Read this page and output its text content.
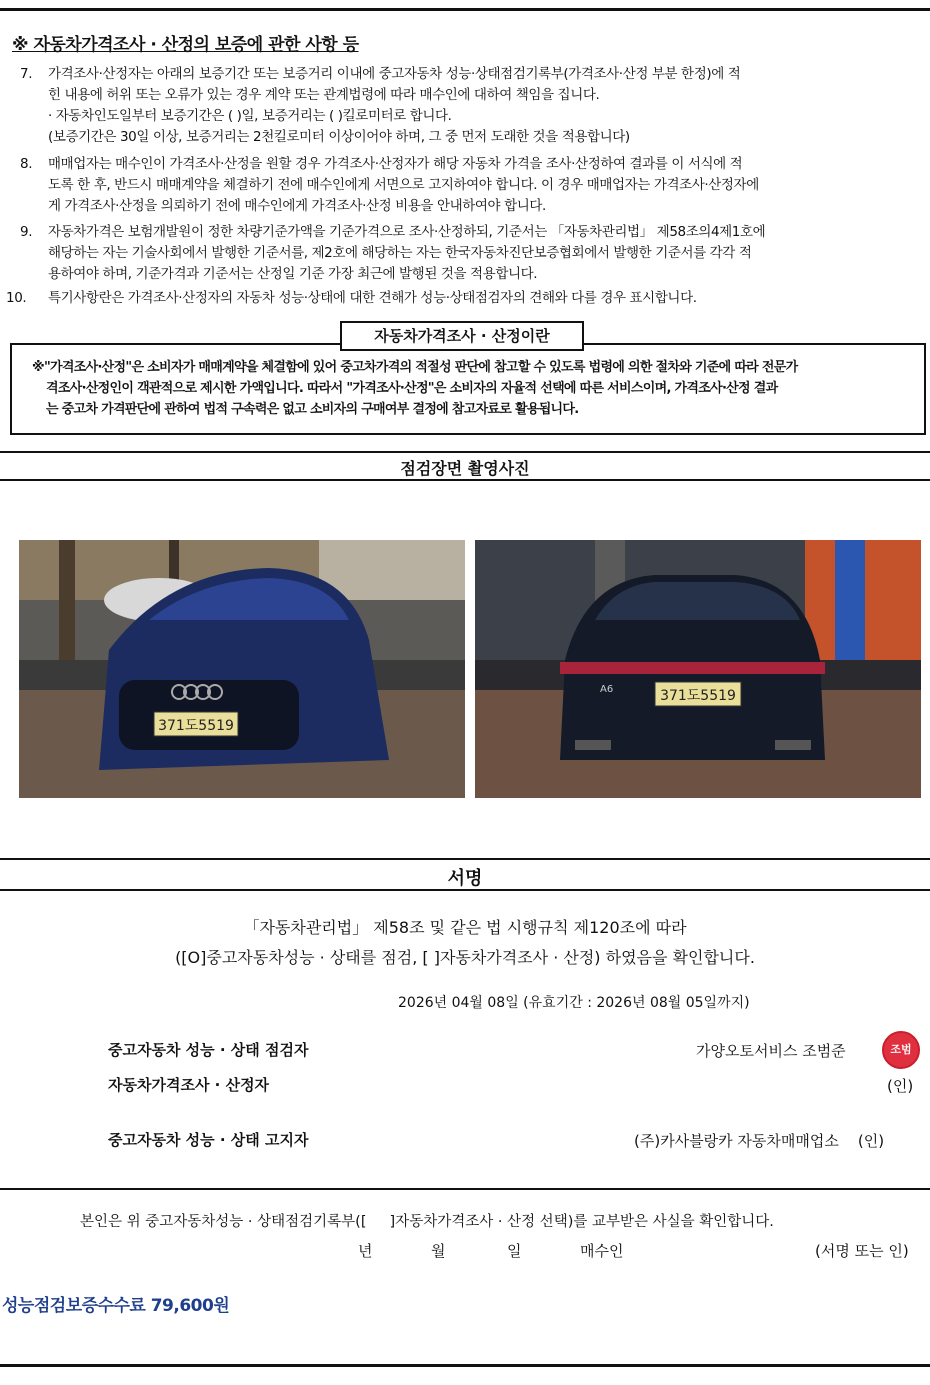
※ 자동차가격조사 · 산정의 보증에 관한 사항 등
7.	가격조사·산정자는 아래의 보증기간 또는 보증거리 이내에 중고자동차 성능·상태점검기록부(가격조사·산정 부분 한정)에 적
힌 내용에 허위 또는 오류가 있는 경우 계약 또는 관계법령에 따라 매수인에 대하여 책임을 집니다.
· 자동차인도일부터 보증기간은 ( )일, 보증거리는 ( )킬로미터로 합니다.
(보증기간은 30일 이상, 보증거리는 2천킬로미터 이상이어야 하며, 그 중 먼저 도래한 것을 적용합니다)
8.	매매업자는 매수인이 가격조사·산정을 원할 경우 가격조사·산정자가 해당 자동차 가격을 조사·산정하여 결과를 이 서식에 적
도록 한 후, 반드시 매매계약을 체결하기 전에 매수인에게 서면으로 고지하여야 합니다. 이 경우 매매업자는 가격조사·산정자에
게 가격조사·산정을 의뢰하기 전에 매수인에게 가격조사·산정 비용을 안내하여야 합니다.
9.	자동차가격은 보험개발원이 정한 차량기준가액을 기준가격으로 조사·산정하되, 기준서는 「자동차관리법」 제58조의4제1호에
해당하는 자는 기술사회에서 발행한 기준서를, 제2호에 해당하는 자는 한국자동차진단보증협회에서 발행한 기준서를 각각 적
용하여야 하며, 기준가격과 기준서는 산정일 기준 가장 최근에 발행된 것을 적용합니다.
10.	특기사항란은 가격조사·산정자의 자동차 성능·상태에 대한 견해가 성능·상태점검자의 견해와 다를 경우 표시합니다.
※"가격조사·산정"은 소비자가 매매계약을 체결함에 있어 중고차가격의 적절성 판단에 참고할 수 있도록 법령에 의한 절차와 기준에 따라 전문가
격조사·산정인이 객관적으로 제시한 가액입니다. 따라서 "가격조사·산정"은 소비자의 자율적 선택에 따른 서비스이며, 가격조사·산정 결과
는 중고차 가격판단에 관하여 법적 구속력은 없고 소비자의 구매여부 결정에 참고자료로 활용됩니다.
자동차가격조사 · 산정이란
점검장면 촬영사진
371도5519
371도5519
A6
서명
「자동차관리법」 제58조 및 같은 법 시행규칙 제120조에 따라
([O]중고자동차성능 · 상태를 점검, [ ]자동차가격조사 · 산정) 하였음을 확인합니다.
2026년 04월 08일 (유효기간 : 2026년 08월 05일까지)
중고자동차 성능 · 상태 점검자	가양오토서비스 조범준	조범
자동차가격조사 · 산정자	(인)
중고자동차 성능 · 상태 고지자	(주)카사블랑카 자동차매매업소    (인)
본인은 위 중고자동차성능 · 상태점검기록부([     ]자동차가격조사 · 산정 선택)를 교부받은 사실을 확인합니다.
년	월	일	매수인	(서명 또는 인)
성능점검보증수수료 79,600원
